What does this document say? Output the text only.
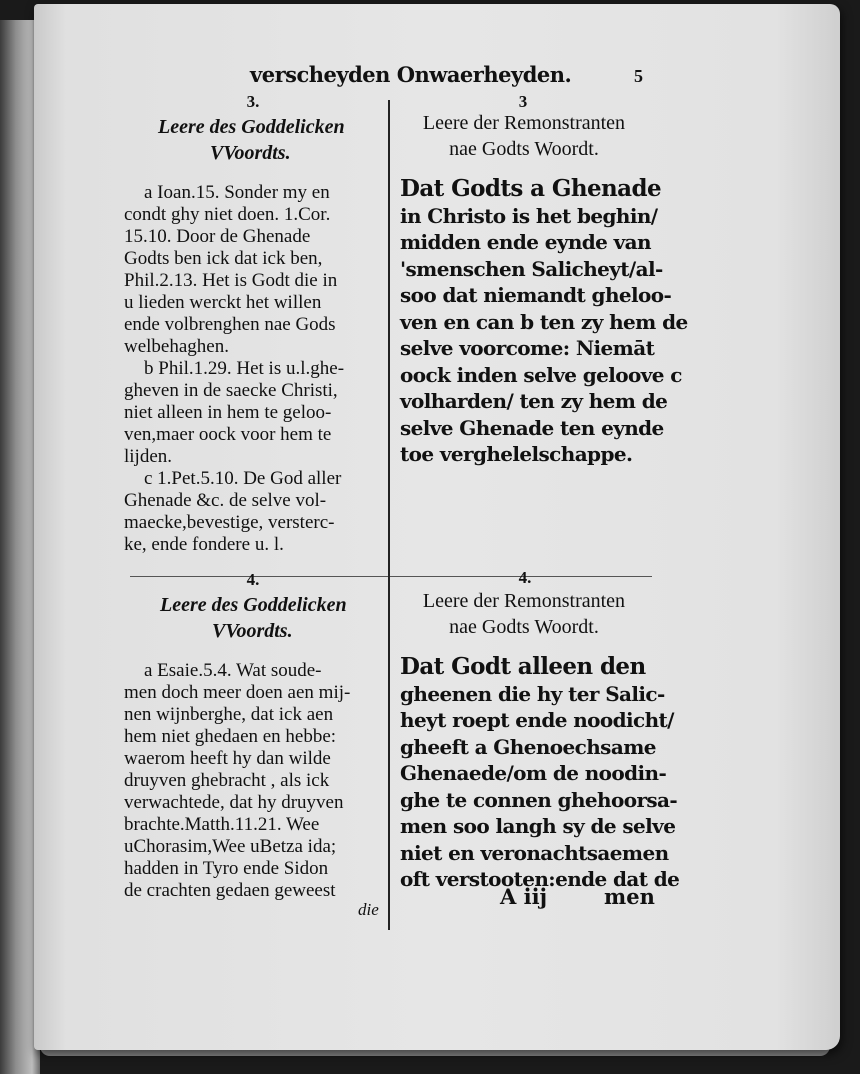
verscheyden Onwaerheyden.	5
3.
Leere des Goddelicken
VVoordts.
a Ioan.15. Sonder my en
condt ghy niet doen. 1.Cor.
15.10. Door de Ghenade
Godts ben ick dat ick ben,
Phil.2.13. Het is Godt die in
u lieden werckt het willen
ende volbrenghen nae Gods
welbehaghen.
b Phil.1.29. Het is u.l.ghe-
gheven in de saecke Christi,
niet alleen in hem te geloo-
ven,maer oock voor hem te
lijden.
c 1.Pet.5.10. De God aller
Ghenade &c. de selve vol-
maecke,bevestige, versterc-
ke, ende fondere u. l.
3
Leere der Remonstranten
nae Godts Woordt.
Dat Godts a Ghenade
in Christo is het beghin/
midden ende eynde van
'smenschen Salicheyt/al-
soo dat niemandt gheloo-
ven en can b ten zy hem de
selve voorcome: Niemāt
oock inden selve geloove c
volharden/ ten zy hem de
selve Ghenade ten eynde
toe verghelelschappe.
4.
Leere des Goddelicken
VVoordts.
a Esaie.5.4. Wat soude-
men doch meer doen aen mij-
nen wijnberghe, dat ick aen
hem niet ghedaen en hebbe:
waerom heeft hy dan wilde
druyven ghebracht , als ick
verwachtede, dat hy druyven
brachte.Matth.11.21. Wee
uChorasim,Wee uBetza ida;
hadden in Tyro ende Sidon
de crachten gedaen geweest
die
4.
Leere der Remonstranten
nae Godts Woordt.
Dat Godt alleen den
gheenen die hy ter Salic-
heyt roept ende noodicht/
gheeft a Ghenoechsame
Ghenaede/om de noodin-
ghe te connen ghehoorsa-
men soo langh sy de selve
niet en veronachtsaemen
oft verstooten:ende dat de
A iij	men
